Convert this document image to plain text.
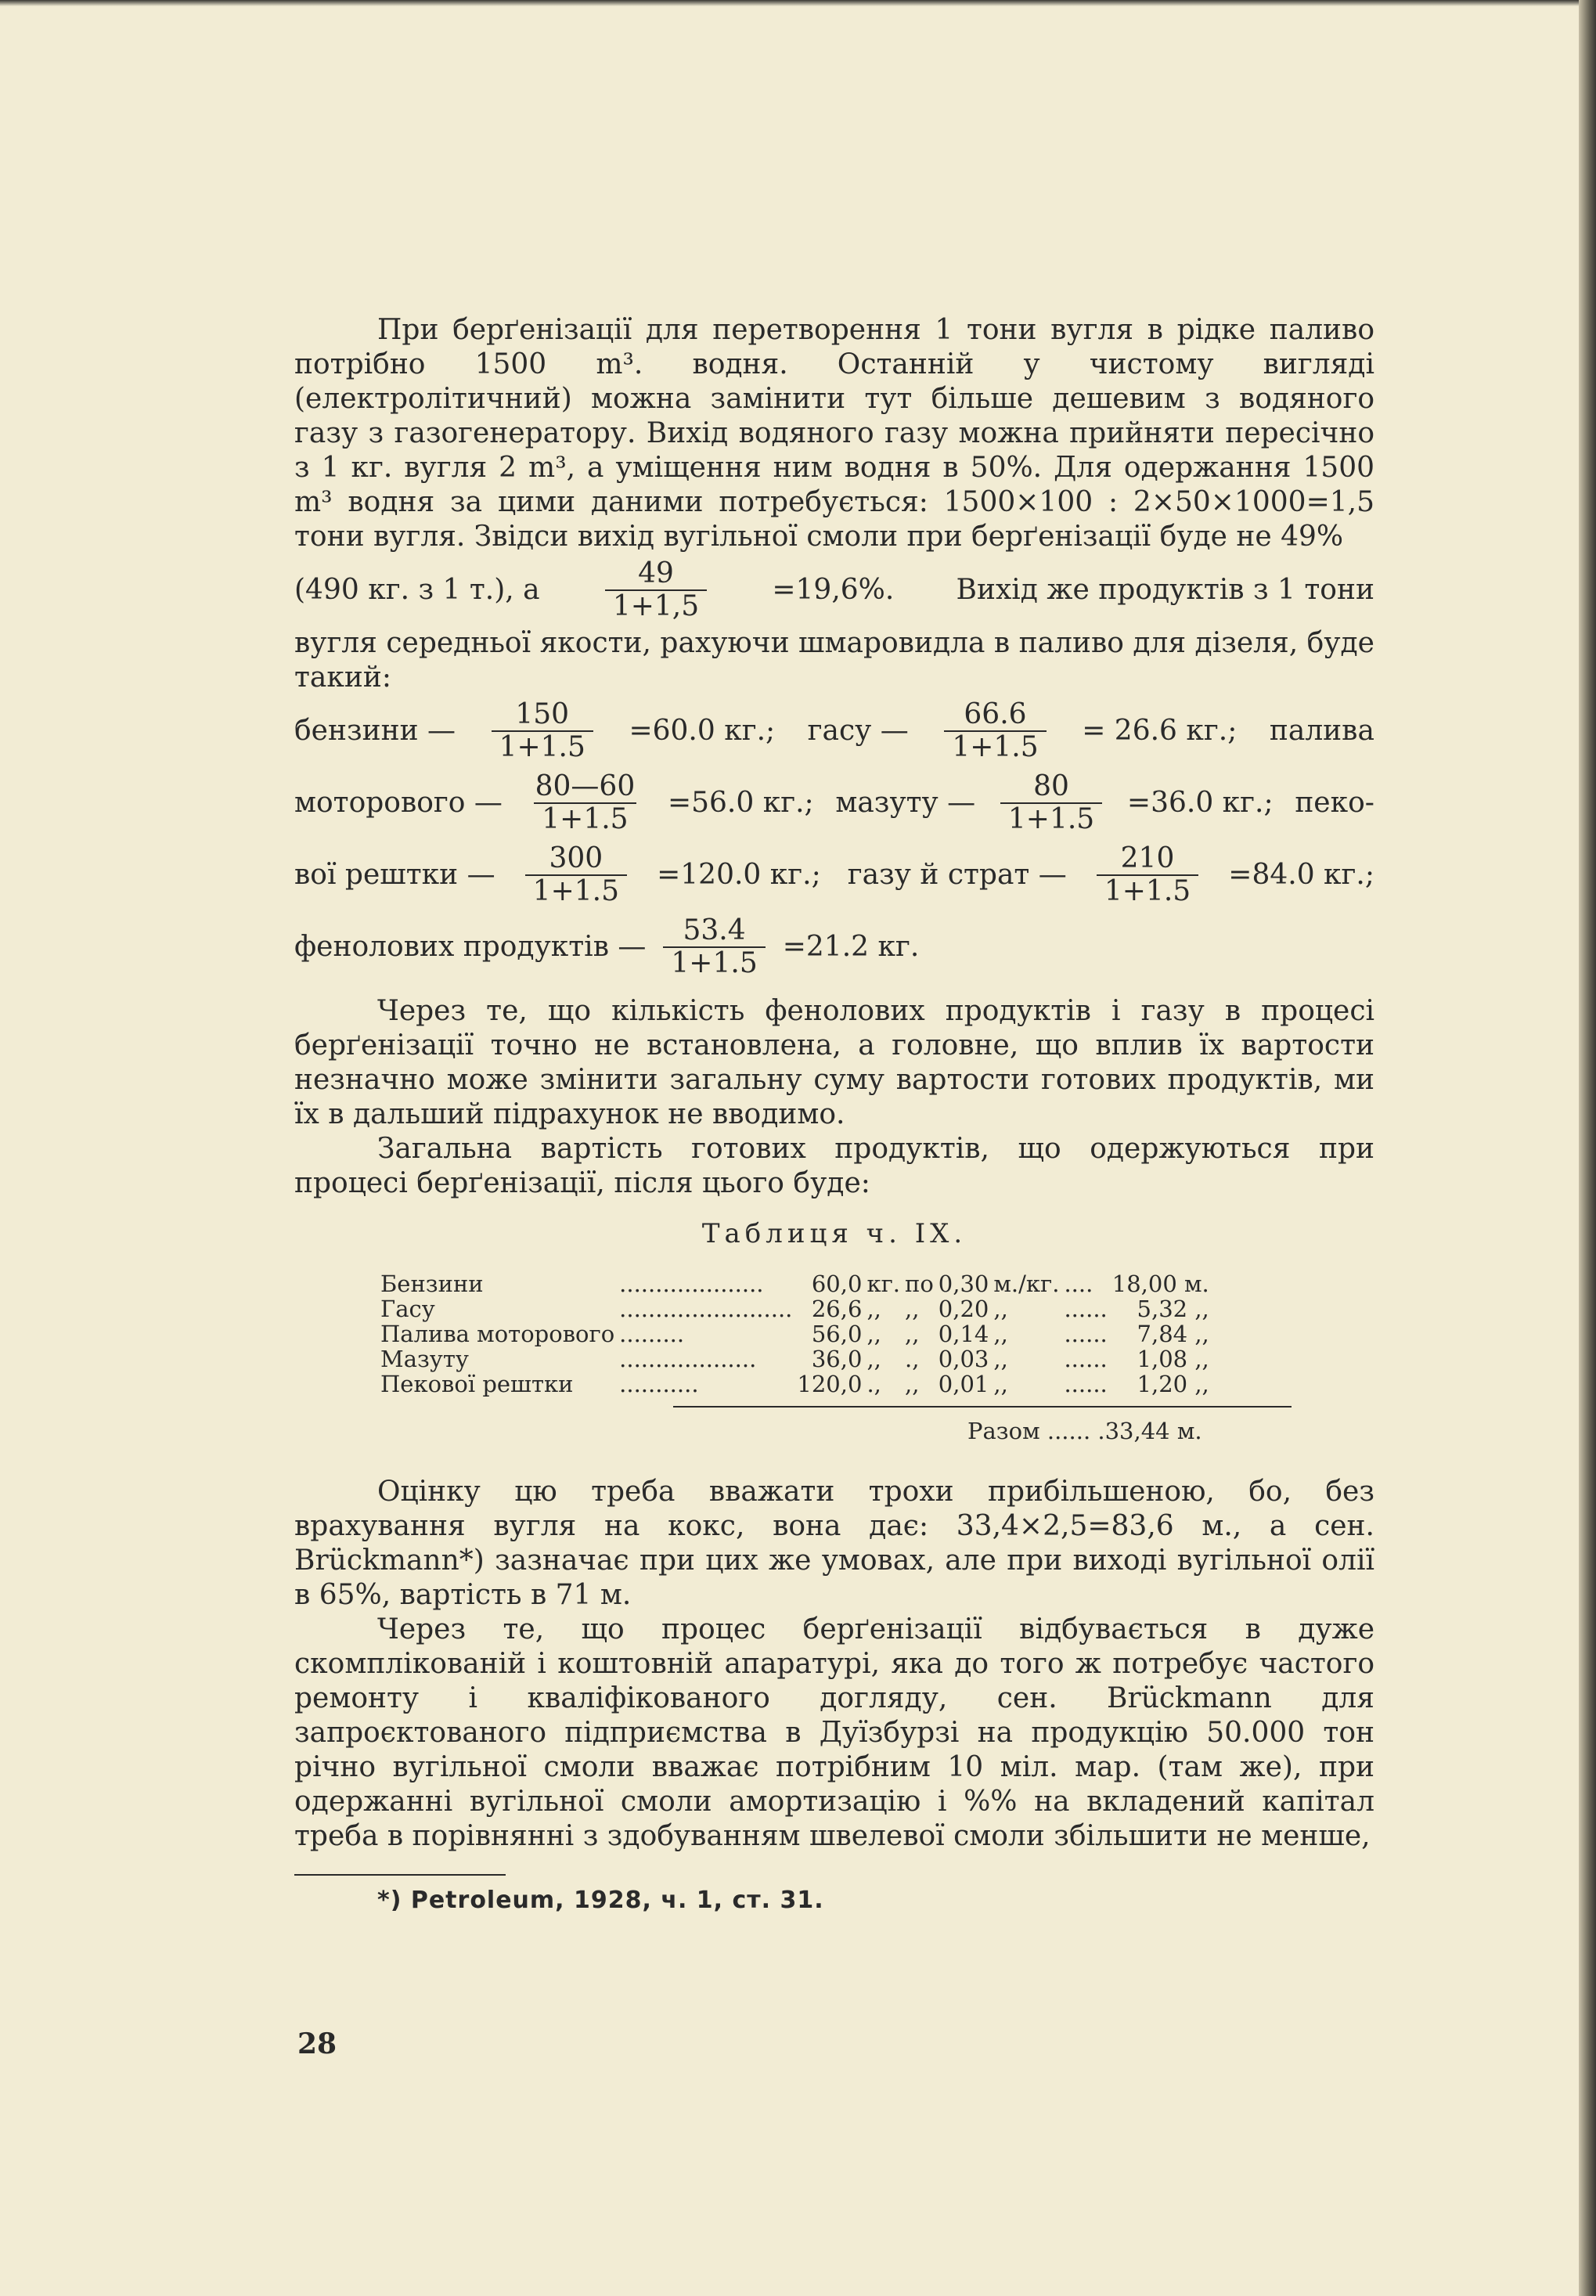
При берґенізації для перетворення 1 тони вугля в рідке паливо потрібно 1500 m³. водня. Останній у чистому вигляді (електролітичний) можна замінити тут більше дешевим з водяного газу з газогенератору. Вихід водяного газу можна прийняти пересічно з 1 кг. вугля 2 m³, а уміщення ним водня в 50%. Для одержання 1500 m³ водня за цими даними потребується: 1500×100 : 2×50×1000=1,5 тони вугля. Звідси вихід вугільної смоли при берґенізації буде не 49%

(490 кг. з 1 т.), а $\frac{49}{1+1,5} =19,6\%$. Вихід же продуктів з 1 тони

вугля середньої якости, рахуючи шмаровидла в паливо для дізеля, буде такий:

бензини — $\frac{150}{1+1.5} =60.0$ кг.; гасу — $\frac{66.6}{1+1.5} = 26.6$ кг.; палива
моторового — $\frac{80—60}{1+1.5} =56.0$ кг.; мазуту — $\frac{80}{1+1.5} =36.0$ кг.; пеко-
вої рештки — $\frac{300}{1+1.5} =120.0$ кг.; газу й страт — $\frac{210}{1+1.5} =84.0$ кг.;
фенолових продуктів — $\frac{53.4}{1+1.5} =21.2$ кг.

Через те, що кількість фенолових продуктів і газу в процесі берґенізації точно не встановлена, а головне, що вплив їх вартости незначно може змінити загальну суму вартости готових продуктів, ми їх в дальший підрахунок не вводимо.

Загальна вартість готових продуктів, що одержуються при процесі берґенізації, після цього буде:

Таблиця ч. IX.
Бензини	....................	60,0	кг.	по	0,30	м./кг.	....	18,00 м.
Гасу	........................	26,6	,,	,,	0,20	,,	......	5,32 ,,
Палива моторового	.........	56,0	,,	,,	0,14	,,	......	7,84 ,,
Мазуту	...................	36,0	,,	.,	0,03	,,	......	1,08 ,,
Пекової рештки	...........	120,0	.,	,,	0,01	,,	......	1,20 ,,
Разом ...... .33,44 м.

Оцінку цю треба вважати трохи прибільшеною, бо, без врахування вугля на кокс, вона дає: 33,4×2,5=83,6 м., а сен. Brückmann*) зазначає при цих же умовах, але при виході вугільної олії в 65%, вартість в 71 м.

Через те, що процес берґенізації відбувається в дуже скомплікованій і коштовній апаратурі, яка до того ж потребує частого ремонту і кваліфікованого догляду, сен. Brückmann для запроєктованого підприємства в Дуїзбурзі на продукцію 50.000 тон річно вугільної смоли вважає потрібним 10 міл. мар. (там же), при одержанні вугільної смоли амортизацію і %% на вкладений капітал треба в порівнянні з здобуванням швелевої смоли збільшити не менше,

*) Petroleum, 1928, ч. 1, ст. 31.
28
